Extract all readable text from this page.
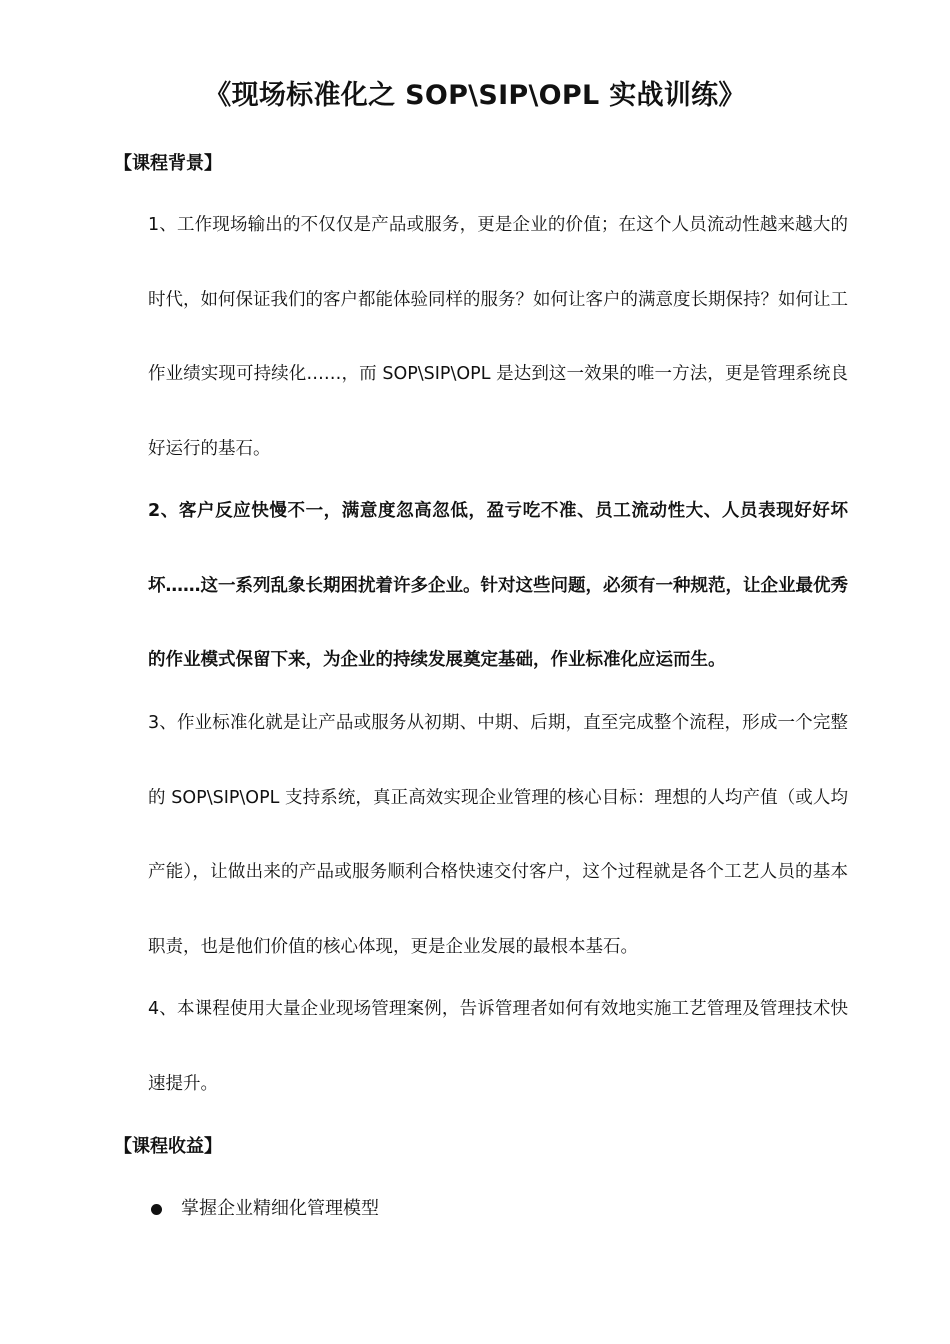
《现场标准化之 SOP\SIP\OPL 实战训练》
【课程背景】

1、工作现场输出的不仅仅是产品或服务，更是企业的价值；在这个人员流动性越来越大的时代，如何保证我们的客户都能体验同样的服务？如何让客户的满意度长期保持？如何让工作业绩实现可持续化……，而 SOP\SIP\OPL 是达到这一效果的唯一方法，更是管理系统良好运行的基石。

2、客户反应快慢不一，满意度忽高忽低，盈亏吃不准、员工流动性大、人员表现好好坏坏……这一系列乱象长期困扰着许多企业。针对这些问题，必须有一种规范，让企业最优秀的作业模式保留下来，为企业的持续发展奠定基础，作业标准化应运而生。

3、作业标准化就是让产品或服务从初期、中期、后期，直至完成整个流程，形成一个完整的 SOP\SIP\OPL 支持系统，真正高效实现企业管理的核心目标：理想的人均产值（或人均产能），让做出来的产品或服务顺利合格快速交付客户，这个过程就是各个工艺人员的基本职责，也是他们价值的核心体现，更是企业发展的最根本基石。

4、本课程使用大量企业现场管理案例，告诉管理者如何有效地实施工艺管理及管理技术快速提升。

【课程收益】
掌握企业精细化管理模型
